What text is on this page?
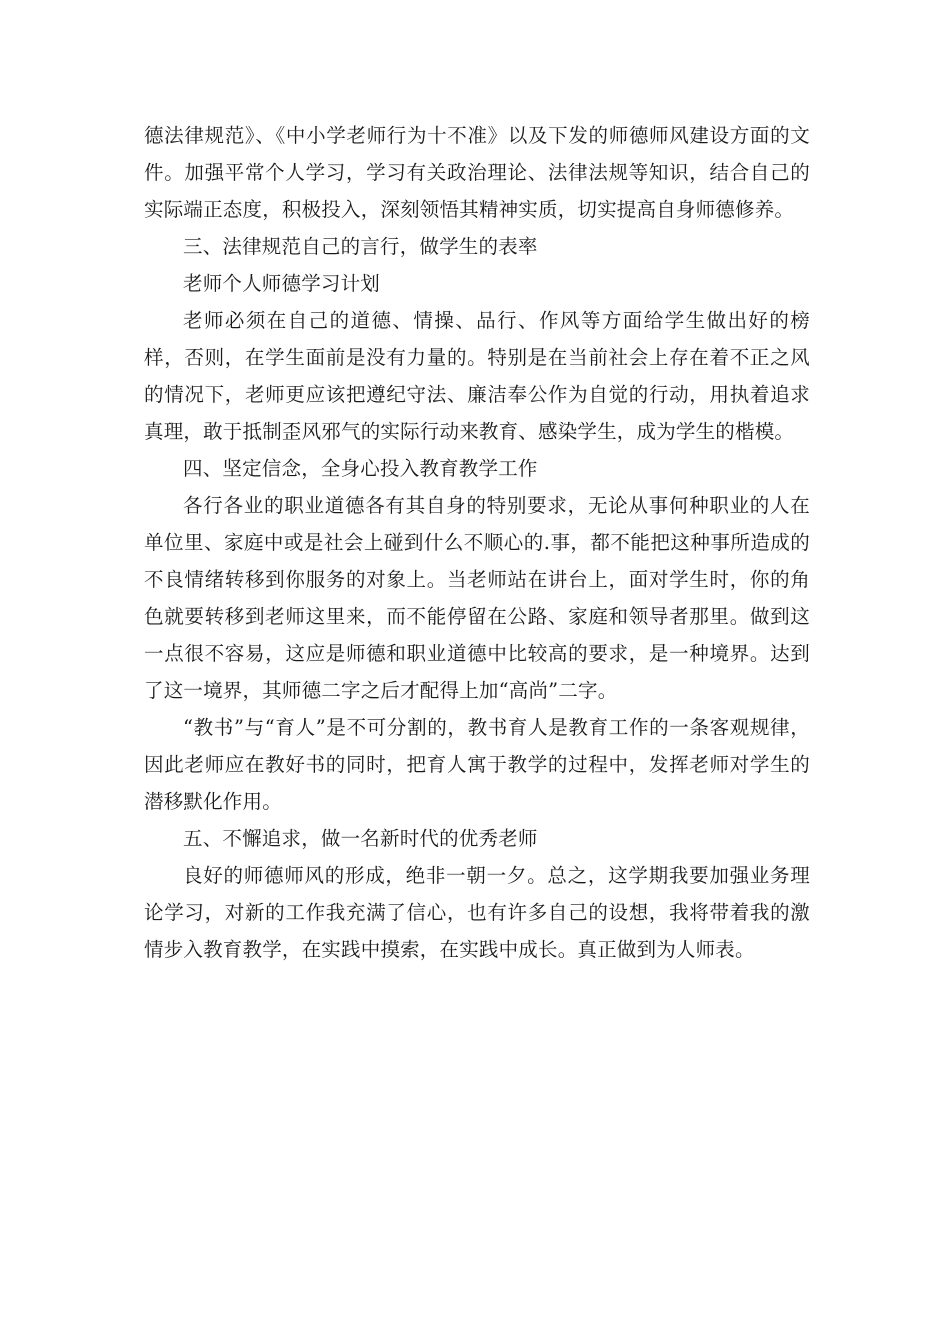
德法律规范》、《中小学老师行为十不准》以及下发的师德师风建设方面的文件。加强平常个人学习，学习有关政治理论、法律法规等知识，结合自己的实际端正态度，积极投入，深刻领悟其精神实质，切实提高自身师德修养。

三、法律规范自己的言行，做学生的表率

老师个人师德学习计划

老师必须在自己的道德、情操、品行、作风等方面给学生做出好的榜样，否则，在学生面前是没有力量的。特别是在当前社会上存在着不正之风的情况下，老师更应该把遵纪守法、廉洁奉公作为自觉的行动，用执着追求真理，敢于抵制歪风邪气的实际行动来教育、感染学生，成为学生的楷模。

四、坚定信念，全身心投入教育教学工作

各行各业的职业道德各有其自身的特别要求，无论从事何种职业的人在单位里、家庭中或是社会上碰到什么不顺心的.事，都不能把这种事所造成的不良情绪转移到你服务的对象上。当老师站在讲台上，面对学生时，你的角色就要转移到老师这里来，而不能停留在公路、家庭和领导者那里。做到这一点很不容易，这应是师德和职业道德中比较高的要求，是一种境界。达到了这一境界，其师德二字之后才配得上加“高尚”二字。

“教书”与“育人”是不可分割的，教书育人是教育工作的一条客观规律，因此老师应在教好书的同时，把育人寓于教学的过程中，发挥老师对学生的潜移默化作用。

五、不懈追求，做一名新时代的优秀老师

良好的师德师风的形成，绝非一朝一夕。总之，这学期我要加强业务理论学习，对新的工作我充满了信心，也有许多自己的设想，我将带着我的激情步入教育教学，在实践中摸索，在实践中成长。真正做到为人师表。
